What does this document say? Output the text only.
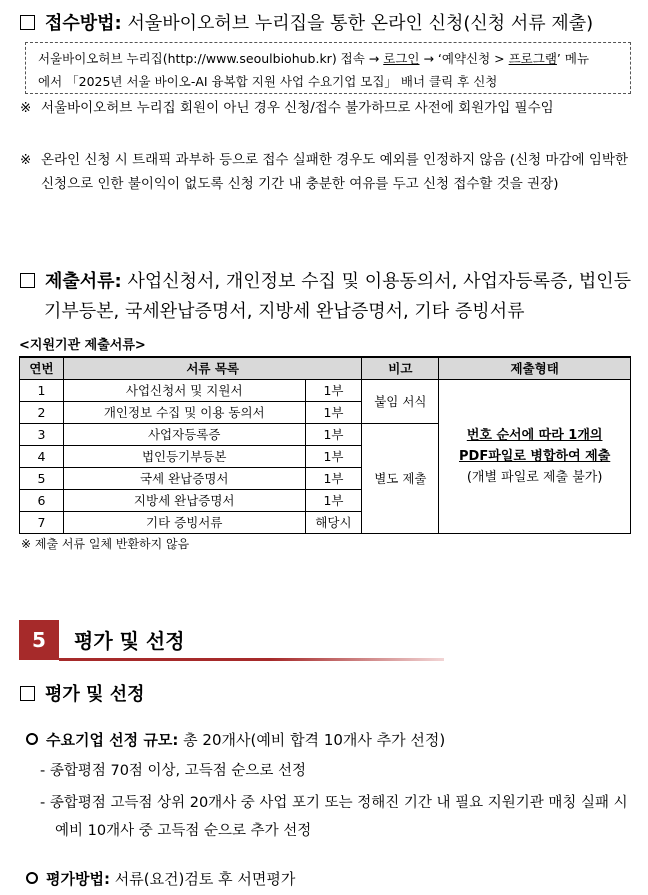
접수방법: 서울바이오허브 누리집을 통한 온라인 신청(신청 서류 제출)
서울바이오허브 누리집(http://www.seoulbiohub.kr) 접속 → 로그인 → ‘예약신청 > 프로그램’ 메뉴
에서 「2025년 서울 바이오-AI 융복합 지원 사업 수요기업 모집」 배너 클릭 후 신청
※ 서울바이오허브 누리집 회원이 아닌 경우 신청/접수 불가하므로 사전에 회원가입 필수임
※ 온라인 신청 시 트래픽 과부하 등으로 접수 실패한 경우도 예외를 인정하지 않음 (신청 마감에 임박한 신청으로 인한 불이익이 없도록 신청 기간 내 충분한 여유를 두고 신청 접수할 것을 권장)
제출서류: 사업신청서, 개인정보 수집 및 이용동의서, 사업자등록증, 법인등
기부등본, 국세완납증명서, 지방세 완납증명서, 기타 증빙서류
<지원기관 제출서류>
연번	서류 목록		비고	제출형태
1	사업신청서 및 지원서	1부	붙임 서식	번호 순서에 따라 1개의
PDF파일로 병합하여 제출
(개별 파일로 제출 불가)

2	개인정보 수집 및 이용 동의서	1부		
3	사업자등록증	1부	별도 제출	
4	법인등기부등본	1부		
5	국세 완납증명서	1부		
6	지방세 완납증명서	1부		
7	기타 증빙서류	해당시		
※ 제출 서류 일체 반환하지 않음
5	평가 및 선정
평가 및 선정
수요기업 선정 규모: 총 20개사(예비 합격 10개사 추가 선정)
- 종합평점 70점 이상, 고득점 순으로 선정
- 종합평점 고득점 상위 20개사 중 사업 포기 또는 정해진 기간 내 필요 지원기관 매칭 실패 시 예비 10개사 중 고득점 순으로 추가 선정
평가방법: 서류(요건)검토 후 서면평가
